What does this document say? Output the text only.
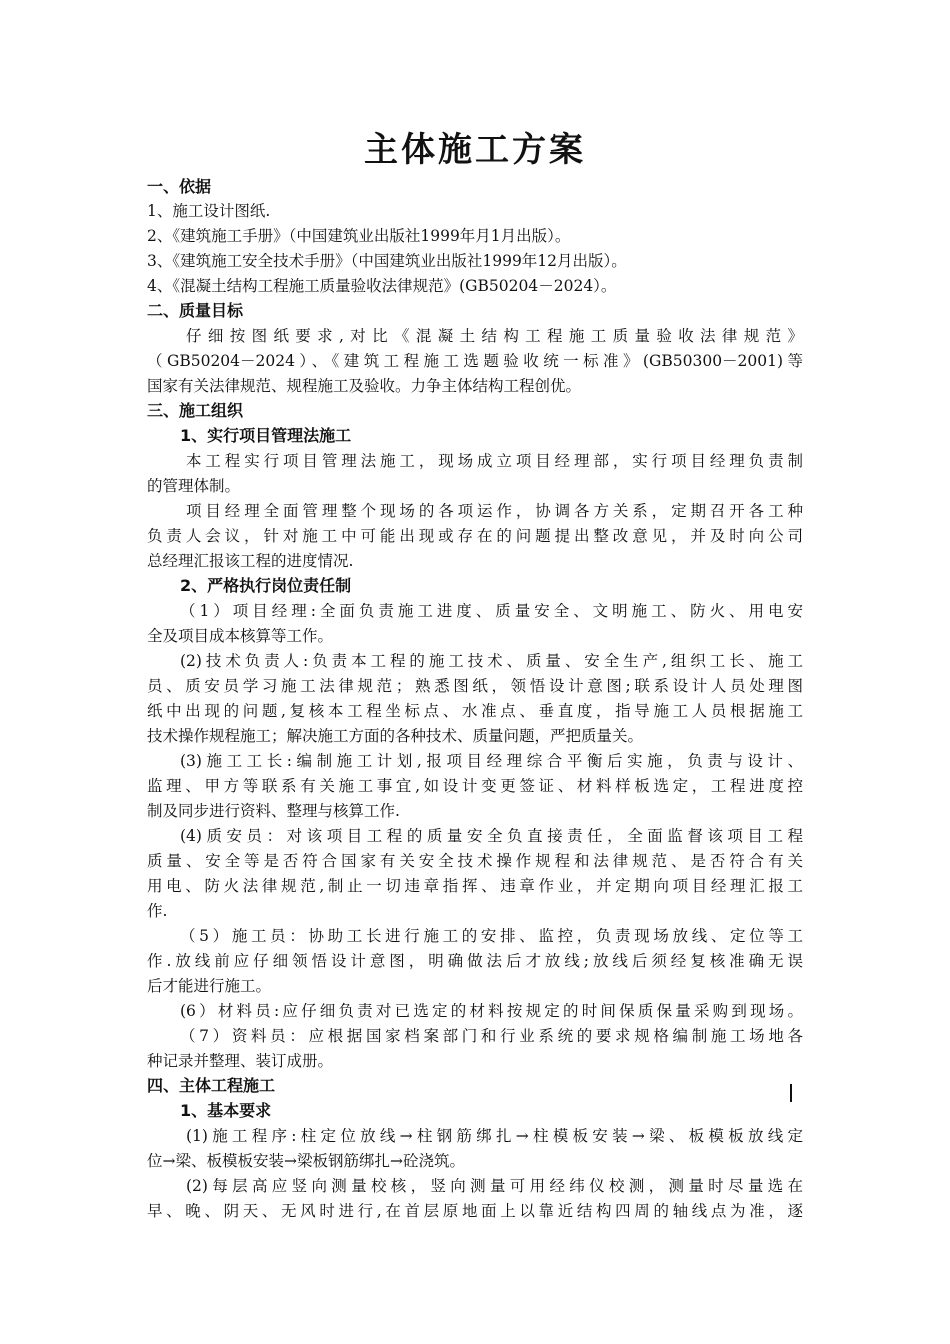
主体施工方案
一、依据
1、施工设计图纸.
2、《建筑施工手册》（中国建筑业出版社1999年月1月出版）。
3、《建筑施工安全技术手册》（中国建筑业出版社1999年12月出版）。
4、《混凝土结构工程施工质量验收法律规范》(GB50204－2024）。
二、质量目标
仔细按图纸要求,对比《混凝土结构工程施工质量验收法律规范》
（GB50204－2024）、《建筑工程施工选题验收统一标准》(GB50300－2001)等
国家有关法律规范、规程施工及验收。力争主体结构工程创优。
三、施工组织
1、实行项目管理法施工
本工程实行项目管理法施工，现场成立项目经理部，实行项目经理负责制
的管理体制。
项目经理全面管理整个现场的各项运作，协调各方关系，定期召开各工种
负责人会议，针对施工中可能出现或存在的问题提出整改意见，并及时向公司
总经理汇报该工程的进度情况.
2、严格执行岗位责任制
（1）项目经理:全面负责施工进度、质量安全、文明施工、防火、用电安
全及项目成本核算等工作。
(2)技术负责人:负责本工程的施工技术、质量、安全生产,组织工长、施工
员、质安员学习施工法律规范；熟悉图纸，领悟设计意图;联系设计人员处理图
纸中出现的问题,复核本工程坐标点、水准点、垂直度，指导施工人员根据施工
技术操作规程施工；解决施工方面的各种技术、质量问题，严把质量关。
(3)施工工长:编制施工计划,报项目经理综合平衡后实施，负责与设计、
监理、甲方等联系有关施工事宜,如设计变更签证、材料样板选定，工程进度控
制及同步进行资料、整理与核算工作.
(4)质安员：对该项目工程的质量安全负直接责任，全面监督该项目工程
质量、安全等是否符合国家有关安全技术操作规程和法律规范、是否符合有关
用电、防火法律规范,制止一切违章指挥、违章作业，并定期向项目经理汇报工
作.
（5）施工员：协助工长进行施工的安排、监控，负责现场放线、定位等工
作.放线前应仔细领悟设计意图，明确做法后才放线;放线后须经复核准确无误
后才能进行施工。
(6）材料员:应仔细负责对已选定的材料按规定的时间保质保量采购到现场。
（7）资料员：应根据国家档案部门和行业系统的要求规格编制施工场地各
种记录并整理、装订成册。
四、主体工程施工
1、基本要求
(1)施工程序:柱定位放线→柱钢筋绑扎→柱模板安装→梁、板模板放线定
位→梁、板模板安装→梁板钢筋绑扎→砼浇筑。
(2)每层高应竖向测量校核，竖向测量可用经纬仪校测，测量时尽量选在
早、晚、阴天、无风时进行,在首层原地面上以靠近结构四周的轴线点为准，逐
